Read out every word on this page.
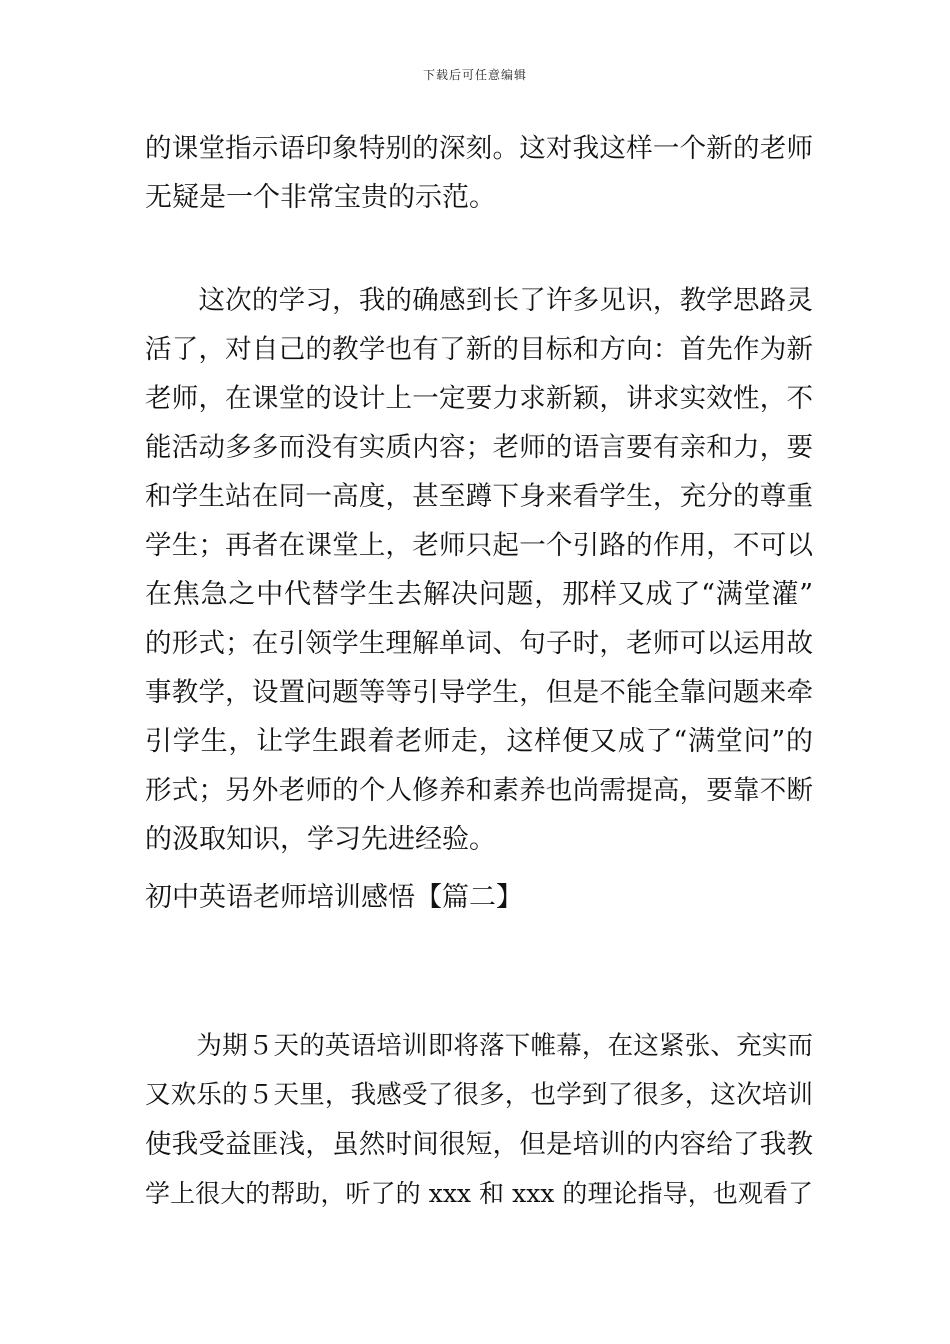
下载后可任意编辑
的课堂指示语印象特别的深刻。这对我这样一个新的老师
无疑是一个非常宝贵的示范。
　　这次的学习，我的确感到长了许多见识，教学思路灵
活了，对自己的教学也有了新的目标和方向：首先作为新
老师，在课堂的设计上一定要力求新颖，讲求实效性，不
能活动多多而没有实质内容；老师的语言要有亲和力，要
和学生站在同一高度，甚至蹲下身来看学生，充分的尊重
学生；再者在课堂上，老师只起一个引路的作用，不可以
在焦急之中代替学生去解决问题，那样又成了“满堂灌”
的形式；在引领学生理解单词、句子时，老师可以运用故
事教学，设置问题等等引导学生，但是不能全靠问题来牵
引学生，让学生跟着老师走，这样便又成了“满堂问”的
形式；另外老师的个人修养和素养也尚需提高，要靠不断
的汲取知识，学习先进经验。
初中英语老师培训感悟【篇二】
　　为期５天的英语培训即将落下帷幕，在这紧张、充实而
又欢乐的５天里，我感受了很多，也学到了很多，这次培训
使我受益匪浅，虽然时间很短，但是培训的内容给了我教
学上很大的帮助，听了的 xxx 和 xxx 的理论指导，也观看了
